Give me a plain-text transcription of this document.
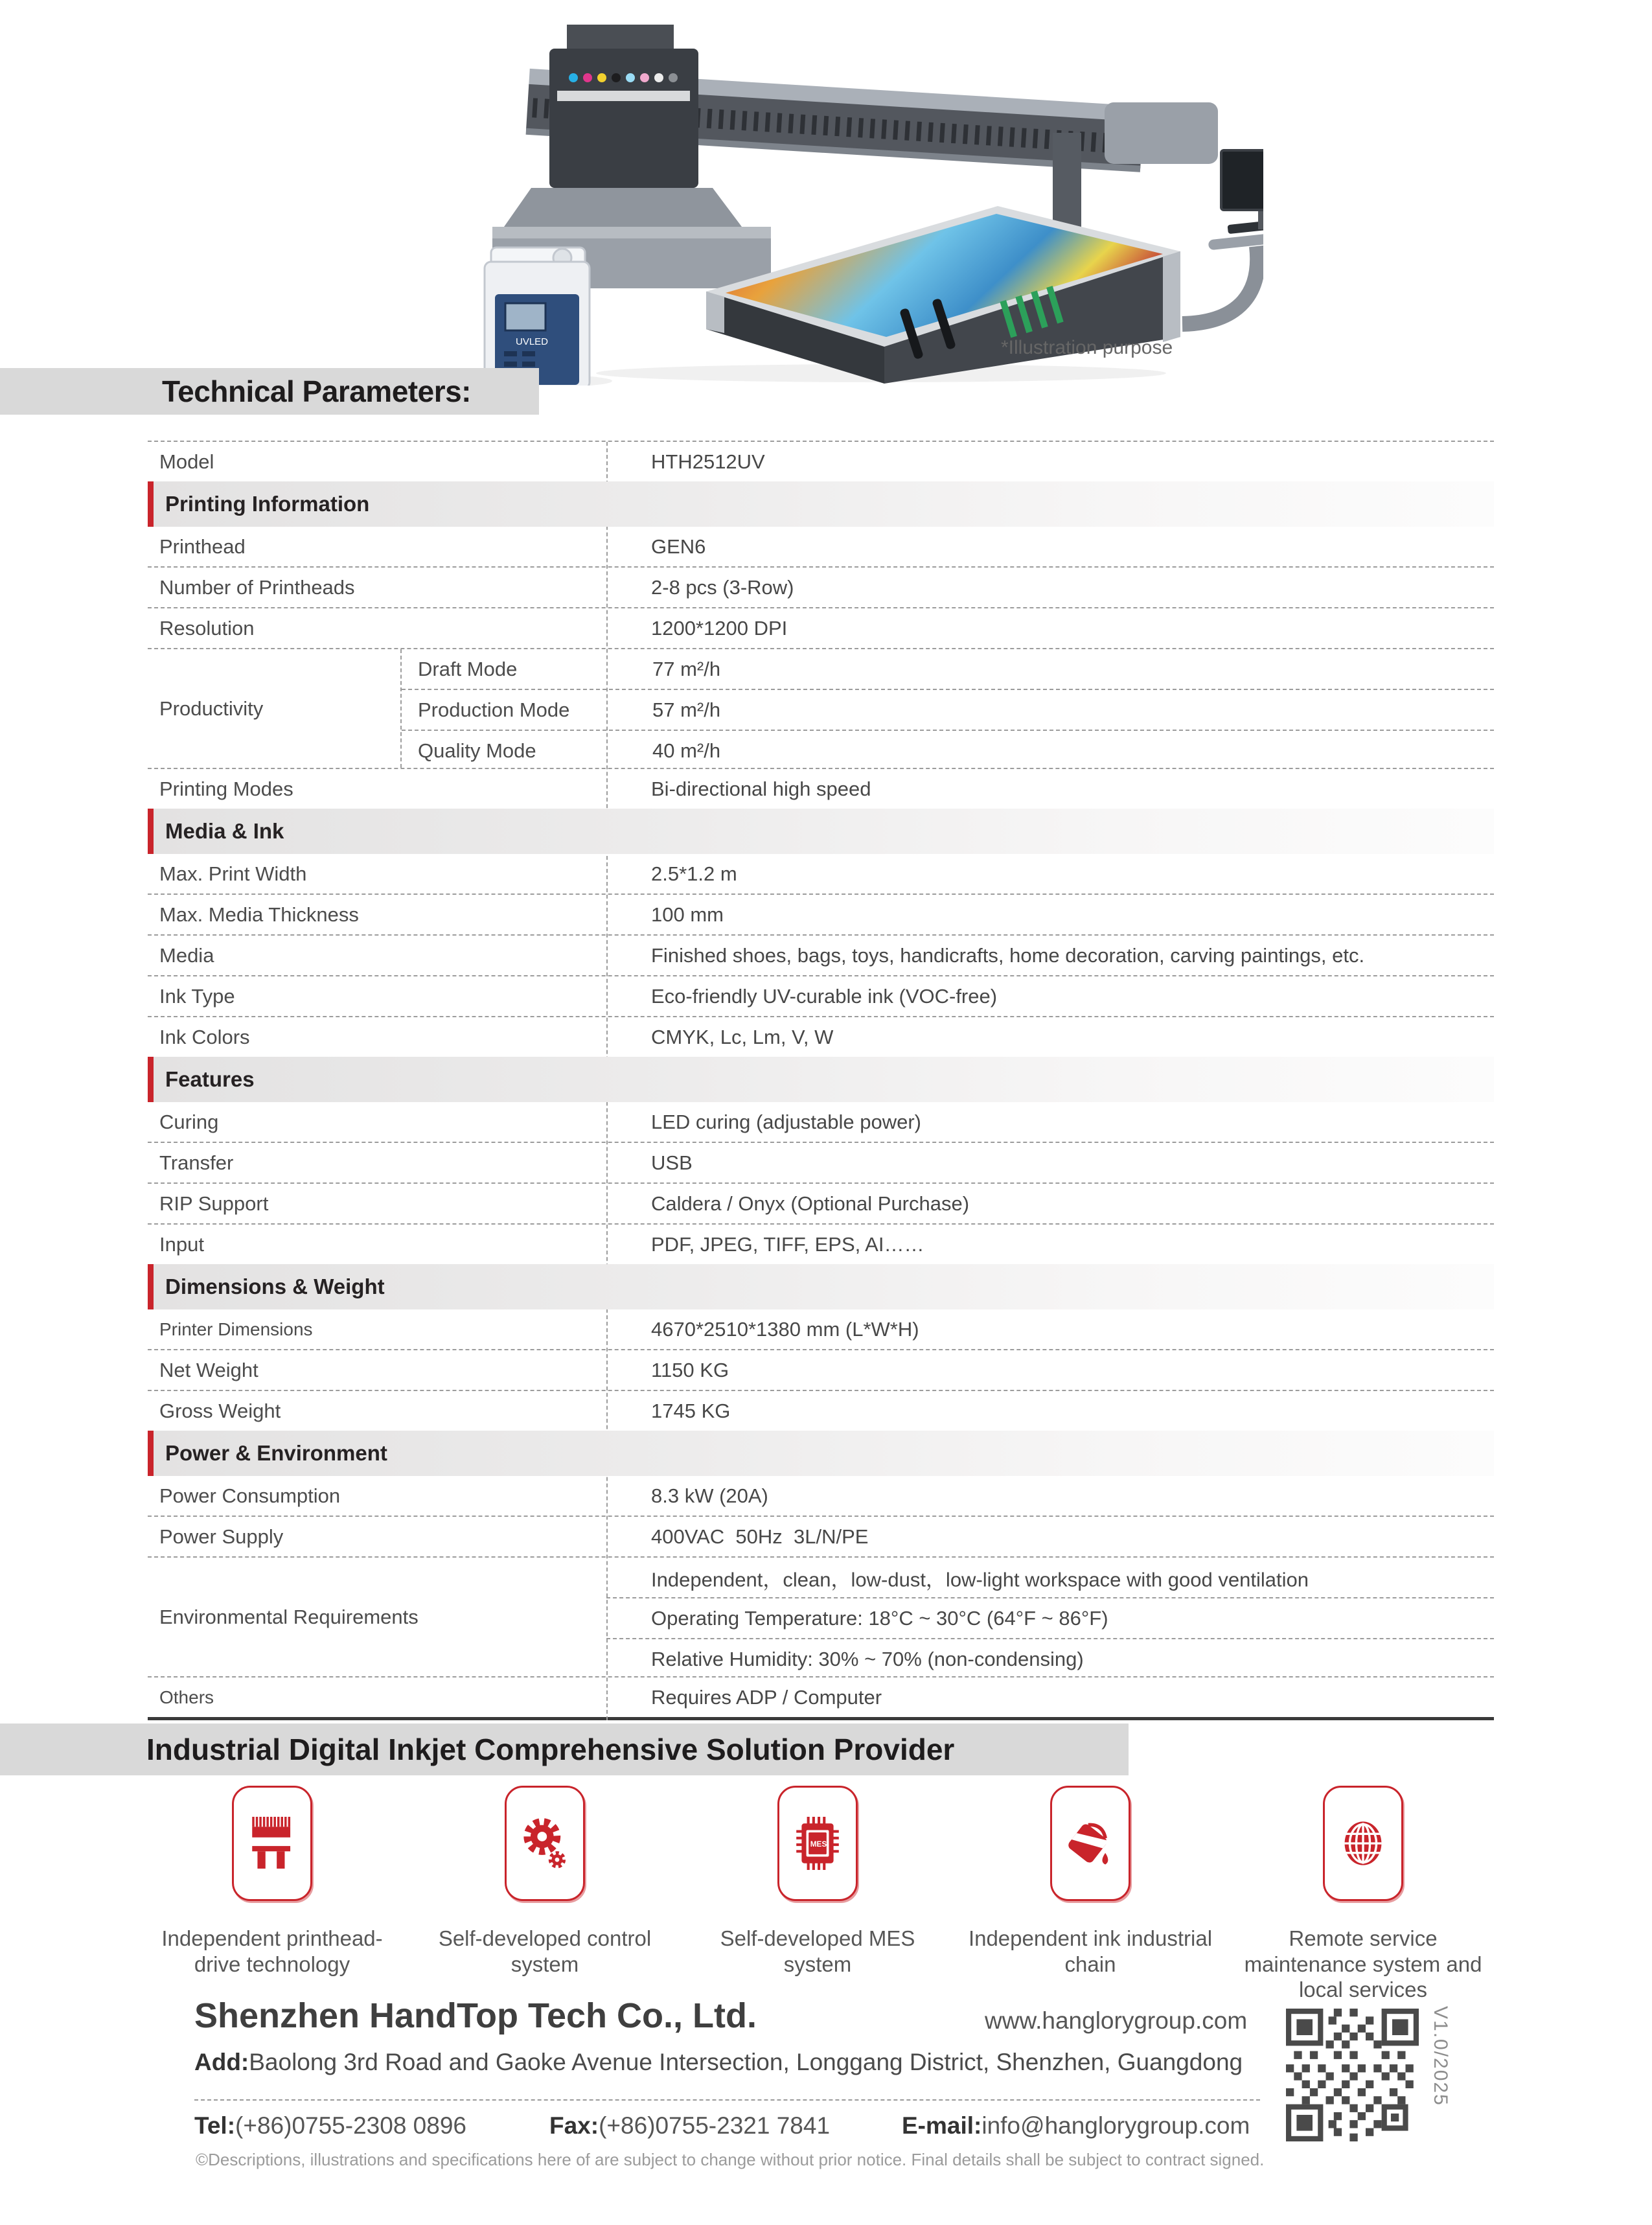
UVLED	*Illustration purpose
Technical Parameters:
Model	HTH2512UV
Printing Information
Printhead	GEN6
Number of Printheads	2-8 pcs (3-Row)
Resolution	1200*1200 DPI
Productivity
Draft Mode	77 m²/h
Production Mode	57 m²/h
Quality Mode	40 m²/h
Printing Modes	Bi-directional high speed
Media & Ink
Max. Print Width	2.5*1.2 m
Max. Media Thickness	100 mm
Media	Finished shoes, bags, toys, handicrafts, home decoration, carving paintings, etc.
Ink Type	Eco-friendly UV-curable ink (VOC-free)
Ink Colors	CMYK, Lc, Lm, V, W
Features
Curing	LED curing (adjustable power)
Transfer	USB
RIP Support	Caldera / Onyx (Optional Purchase)
Input	PDF, JPEG, TIFF, EPS, AI……
Dimensions & Weight
Printer Dimensions	4670*2510*1380 mm (L*W*H)
Net Weight	1150 KG
Gross Weight	1745 KG
Power & Environment
Power Consumption	8.3 kW (20A)
Power Supply	400VAC  50Hz  3L/N/PE
Environmental Requirements
Independent，clean，low-dust，low-light workspace with good ventilation
Operating Temperature: 18°C ~ 30°C (64°F ~ 86°F)
Relative Humidity: 30% ~ 70% (non-condensing)
Others	Requires ADP / Computer
Industrial Digital Inkjet Comprehensive Solution Provider
Independent printhead-drive technology
Self-developed control system
MES
Self-developed MES system
Independent ink industrial chain
Remote service maintenance system and local services
Shenzhen HandTop Tech Co., Ltd.	www.hanglorygroup.com
Add:Baolong 3rd Road and Gaoke Avenue Intersection, Longgang District, Shenzhen, Guangdong
Tel:(+86)0755-2308 0896	Fax:(+86)0755-2321 7841	E-mail:info@hanglorygroup.com
©Descriptions, illustrations and specifications here of are subject to change without prior notice. Final details shall be subject to contract signed.
V1.0/2025
